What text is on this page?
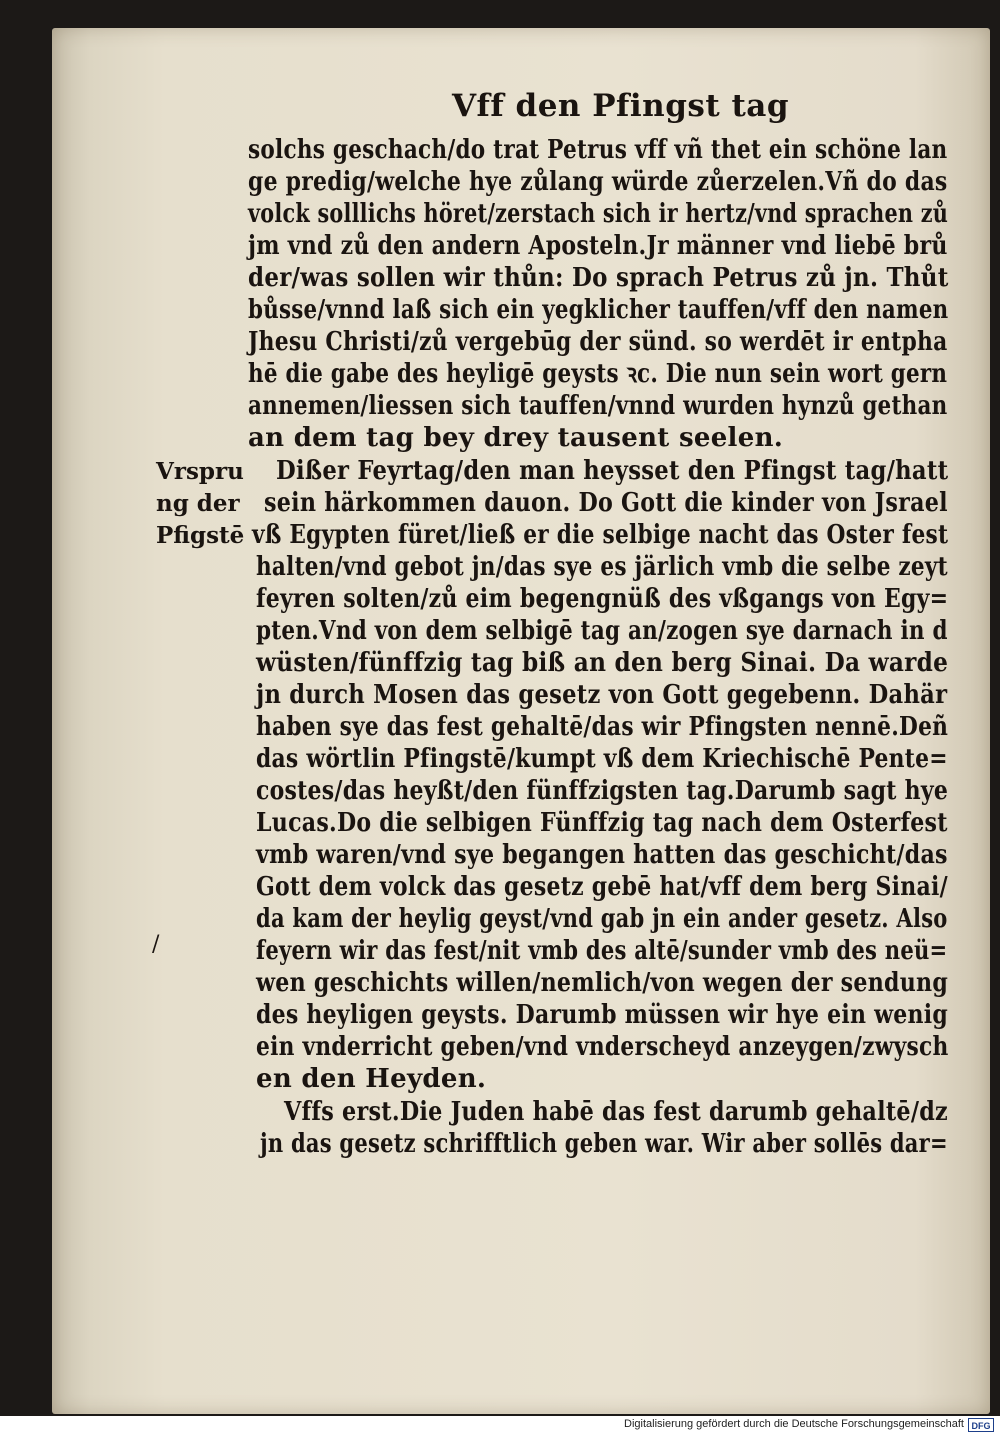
Vff den Pfingst tag
solchs geschach/do trat Petrus vff vñ thet ein schöne lan
ge predig/welche hye zůlang würde zůerzelen.Vñ do das
volck solllichs höret/zerstach sich ir hertz/vnd sprachen zů
jm vnd zů den andern Aposteln.Jr männer vnd liebē brů
der/was sollen wir thůn: Do sprach Petrus zů jn. Thůt
bůsse/vnnd laß sich ein yegklicher tauffen/vff den namen
Jhesu Christi/zů vergebūg der sünd. so werdēt ir entpha
hē die gabe des heyligē geysts ꝛc. Die nun sein wort gern
annemen/liessen sich tauffen/vnnd wurden hynzů gethan
an dem tag bey drey tausent seelen.
Dißer Feyrtag/den man heysset den Pfingst tag/hatt
sein härkommen dauon. Do Gott die kinder von Jsrael
vß Egypten füret/ließ er die selbige nacht das Oster fest
halten/vnd gebot jn/das sye es järlich vmb die selbe zeyt
feyren solten/zů eim begengnüß des vßgangs von Egy=
pten.Vnd von dem selbigē tag an/zogen sye darnach in d
wüsten/fünffzig tag biß an den berg Sinai. Da warde
jn durch Mosen das gesetz von Gott gegebenn. Dahär
haben sye das fest gehaltē/das wir Pfingsten nennē.Deñ
das wörtlin Pfingstē/kumpt vß dem Kriechischē Pente=
costes/das heyßt/den fünffzigsten tag.Darumb sagt hye
Lucas.Do die selbigen Fünffzig tag nach dem Osterfest
vmb waren/vnd sye begangen hatten das geschicht/das
Gott dem volck das gesetz gebē hat/vff dem berg Sinai/
da kam der heylig geyst/vnd gab jn ein ander gesetz. Also
feyern wir das fest/nit vmb des altē/sunder vmb des neü=
wen geschichts willen/nemlich/von wegen der sendung
des heyligen geysts. Darumb müssen wir hye ein wenig
ein vnderricht geben/vnd vnderscheyd anzeygen/zwysch
en den Heyden.
Vffs erst.Die Juden habē das fest darumb gehaltē/dz
jn das gesetz schrifftlich geben war. Wir aber sollēs dar=
Vrspru
ng der
Pfigstē
/
Digitalisierung gefördert durch die Deutsche Forschungsgemeinschaft DFG
